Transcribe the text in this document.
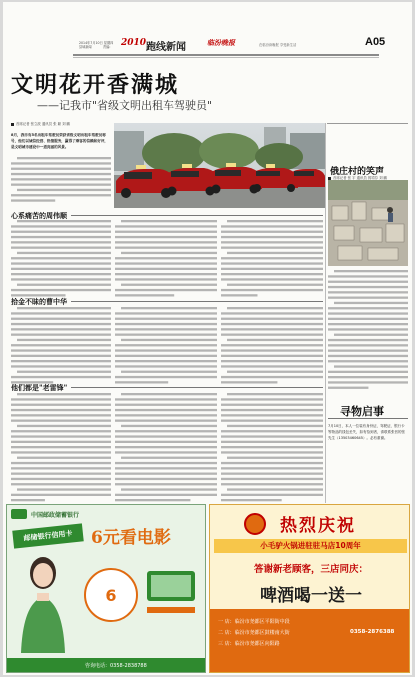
2014年7月10日 星期四
县域新闻	责编: 2010 跑线新闻	临汾晚报	在临汾读晚报 享受新生活	A05
文明花开香满城
——记我市"省级文明出租车驾驶员"
首席记者 张立波 通讯员 张 颖 刘 鹏
8月，我市有5名出租车驾驶员荣获省级文明出租车驾驶员称号，他们以诚信经营、热情服务，赢得了乘客的信赖和好评，是文明城市建设中一道亮丽的风景。
俄庄村的笑声
首席记者 张 宇 通讯员 郭靖芬 刘 鹏
心系痛苦的周伟顺
拾金不昧的曹中华
他们都是"老雷锋"
寻物启事
7月10日，本人一位装有身份证、驾驶证、银行卡等物品的钱包丢失，如有拾到者，请联系张晋的张先生（13503460645）。必有重谢。
中国邮政储蓄银行
邮储银行信用卡	6元看电影
6
咨询电话：0358-2838788
热烈庆祝
小毛驴火锅进驻驻马店10周年
答谢新老顾客，三店同庆：
啤酒喝一送一
一 店：临汾市尧都区平阳街中段
二 店：临汾市尧都区鼓楼南大街
三 店：临汾市尧都区向阳路
0358-2876388
